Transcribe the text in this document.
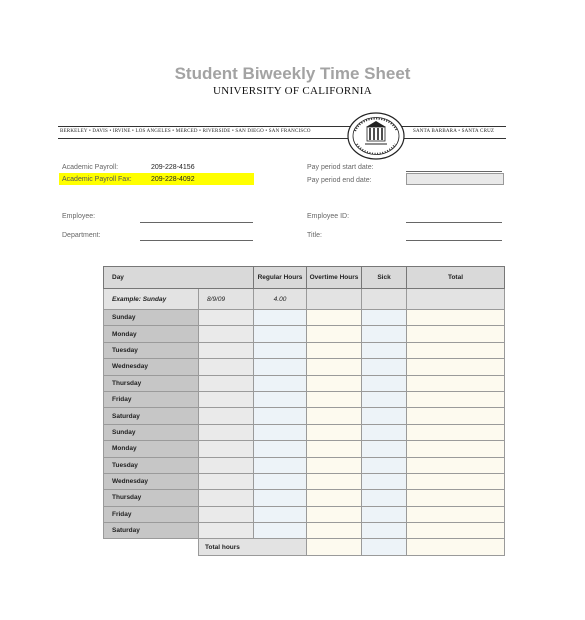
Student Biweekly Time Sheet
UNIVERSITY OF CALIFORNIA
BERKELEY • DAVIS • IRVINE • LOS ANGELES • MERCED • RIVERSIDE • SAN DIEGO • SAN FRANCISCO	SANTA BARBARA • SANTA CRUZ
Academic Payroll:	209-228-4156
Academic Payroll Fax:	209-228-4092
Pay period start date:
Pay period end date:
Employee:	Employee ID:
Department:	Title:
Day		Regular Hours	Overtime Hours	Sick	Total
Example: Sunday	8/9/09	4.00			
Sunday					
Monday					
Tuesday					
Wednesday					
Thursday					
Friday					
Saturday					
Sunday					
Monday					
Tuesday					
Wednesday					
Thursday					
Friday					
Saturday					
	Total hours				
